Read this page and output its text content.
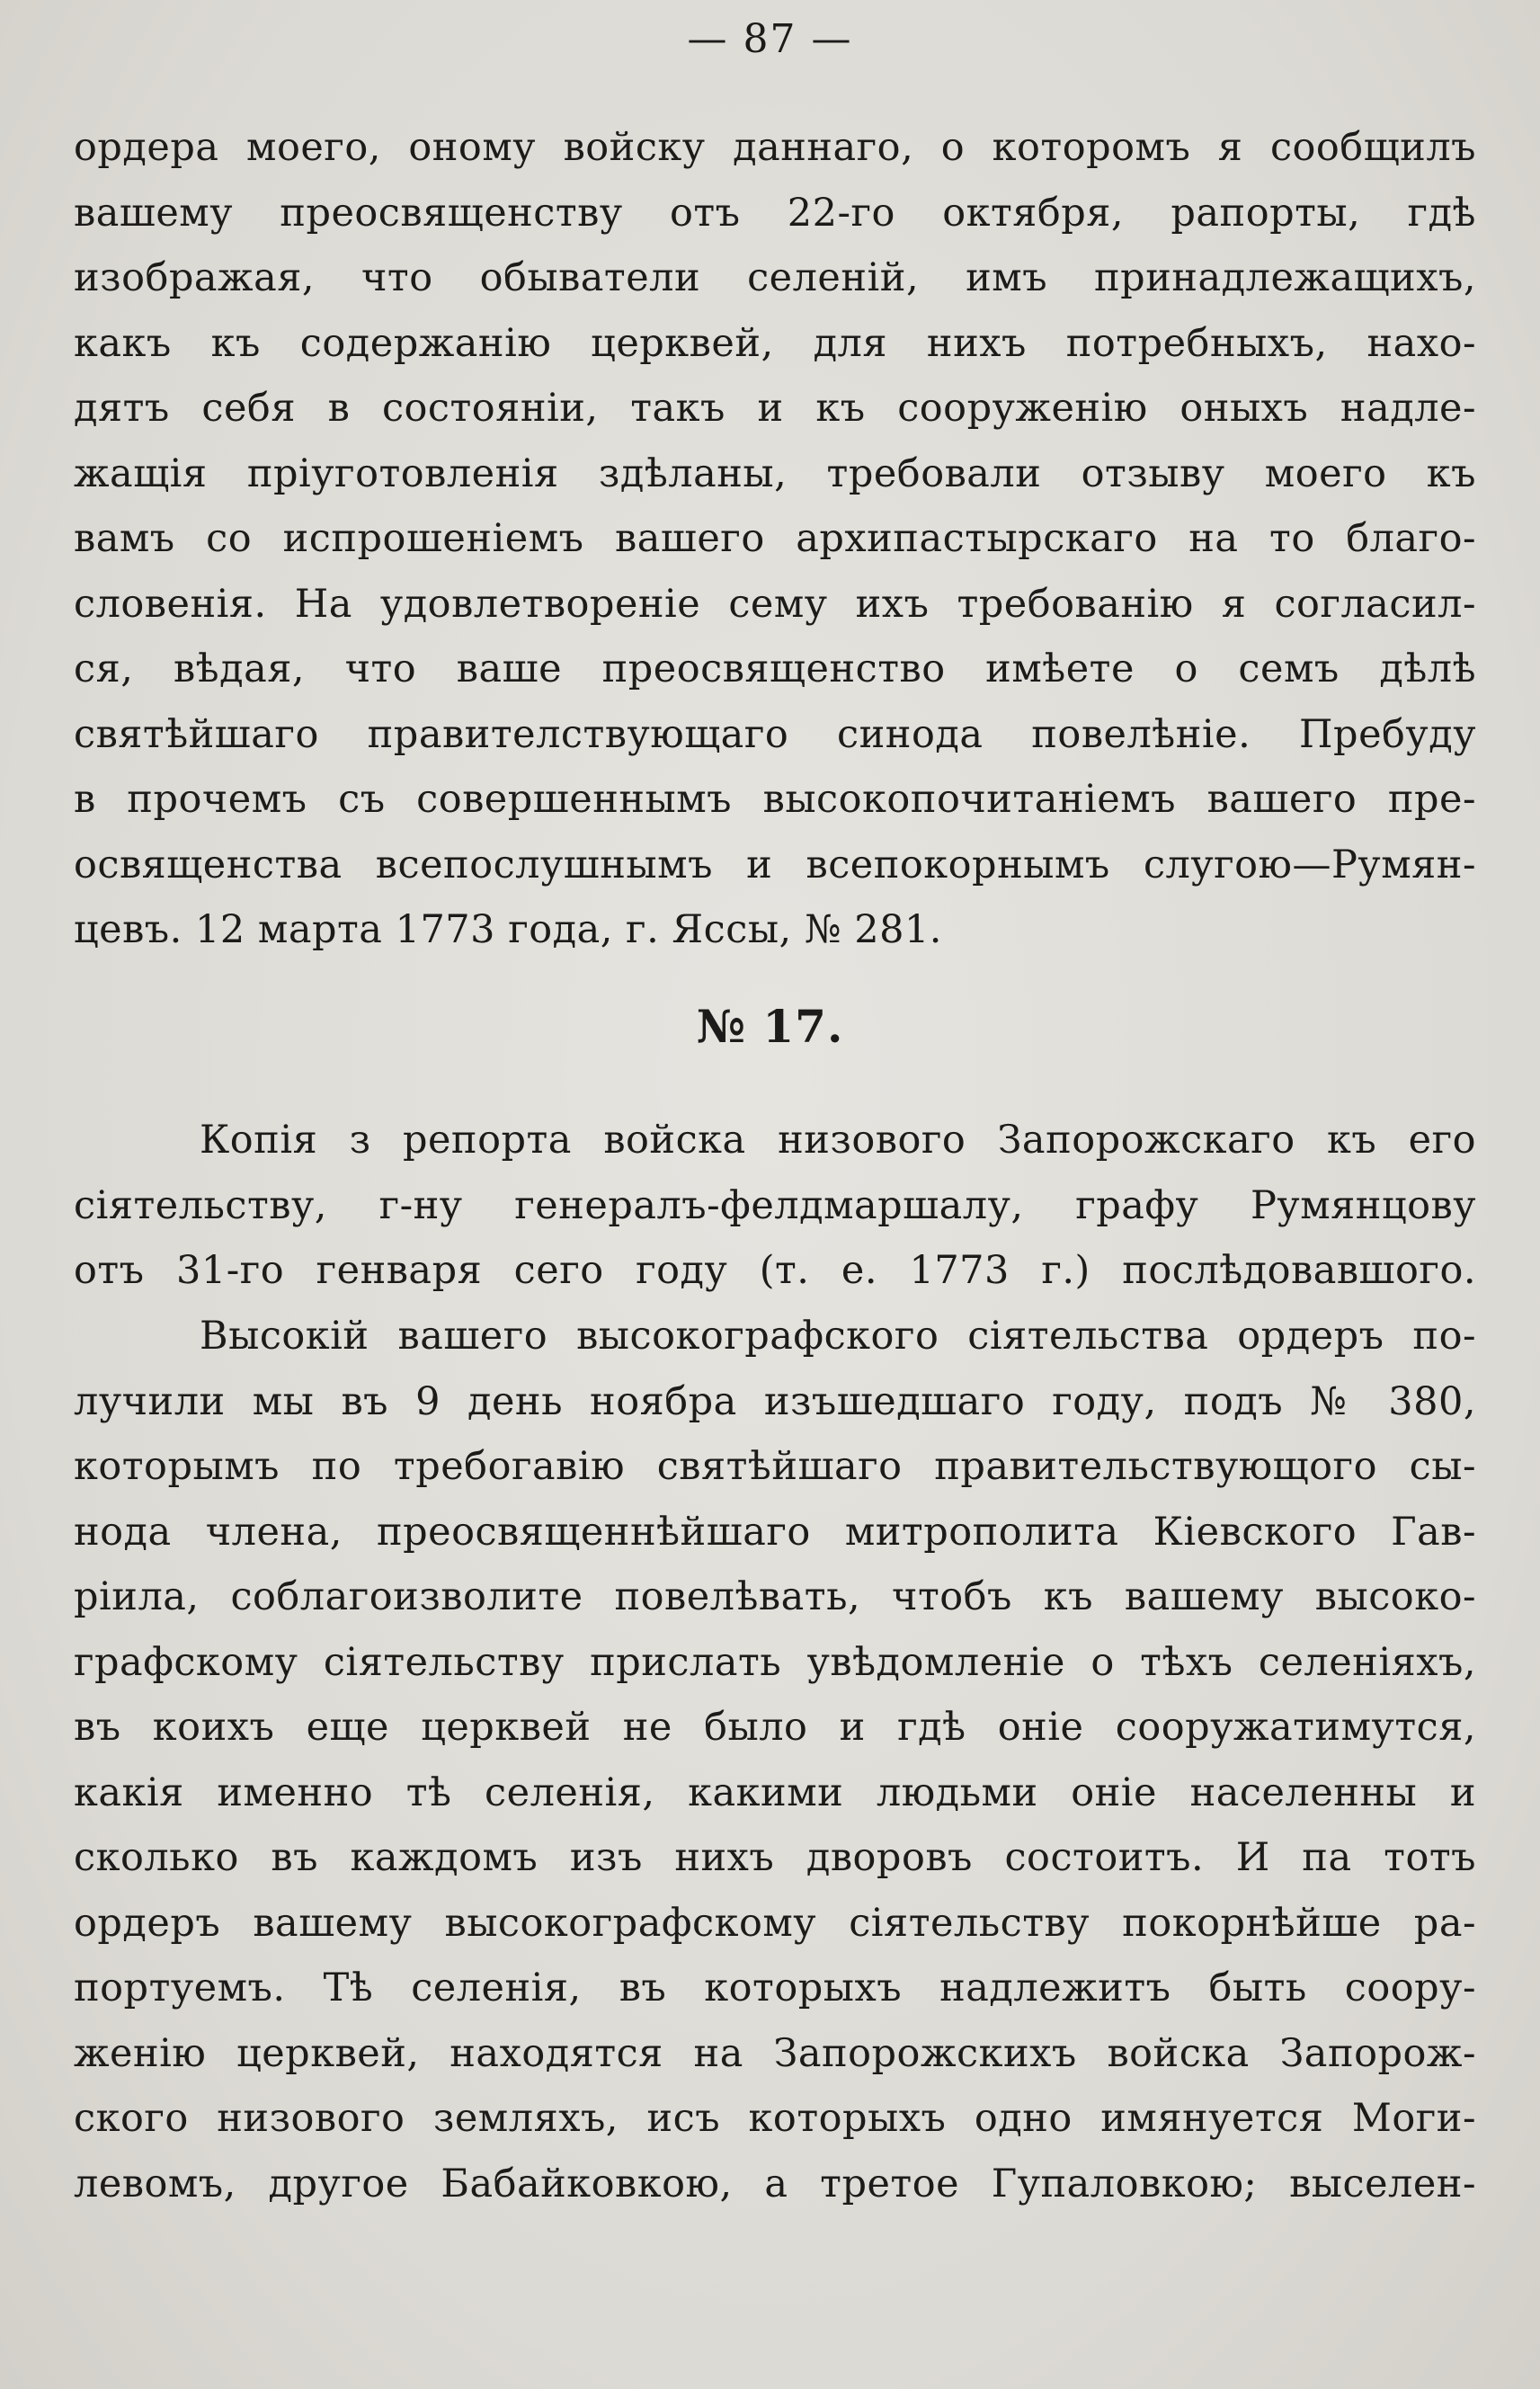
— 87 —
ордера моего, оному войску даннаго, о которомъ я сообщилъ
вашему преосвященству отъ 22-го октября, рапорты, гдѣ
изображая, что обыватели селеній, имъ принадлежащихъ,
какъ къ содержанію церквей, для нихъ потребныхъ, нахо-
дятъ себя в состояніи, такъ и къ сооруженію оныхъ надле-
жащія пріуготовленія здѣланы, требовали отзыву моего къ
вамъ со испрошеніемъ вашего архипастырскаго на то благо-
словенія. На удовлетвореніе сему ихъ требованію я согласил-
ся, вѣдая, что ваше преосвященство имѣете о семъ дѣлѣ
святѣйшаго правителствующаго синода повелѣніе. Пребуду
в прочемъ съ совершеннымъ высокопочитаніемъ вашего пре-
освященства всепослушнымъ и всепокорнымъ слугою—Румян-
цевъ. 12 марта 1773 года, г. Яссы, № 281.
№ 17.
Копія з репорта войска низового Запорожскаго къ его
сіятельству, г-ну генералъ-фелдмаршалу, графу Румянцову
отъ 31-го генваря сего году (т. е. 1773 г.) послѣдовавшого.
Высокій вашего высокографского сіятельства ордеръ по-
лучили мы въ 9 день ноябра изъшедшаго году, подъ № 380,
которымъ по требогавію святѣйшаго правительствующого сы-
нода члена, преосвященнѣйшаго митрополита Кіевского Гав-
ріила, соблагоизволите повелѣвать, чтобъ къ вашему высоко-
графскому сіятельству прислать увѣдомленіе о тѣхъ селеніяхъ,
въ коихъ еще церквей не было и гдѣ оніе сооружатимутся,
какія именно тѣ селенія, какими людьми оніе населенны и
сколько въ каждомъ изъ нихъ дворовъ состоитъ. И па тотъ
ордеръ вашему высокографскому сіятельству покорнѣйше ра-
портуемъ. Тѣ селенія, въ которыхъ надлежитъ быть соору-
женію церквей, находятся на Запорожскихъ войска Запорож-
ского низового земляхъ, исъ которыхъ одно имянуется Моги-
левомъ, другое Бабайковкою, а третое Гупаловкою; выселен-
